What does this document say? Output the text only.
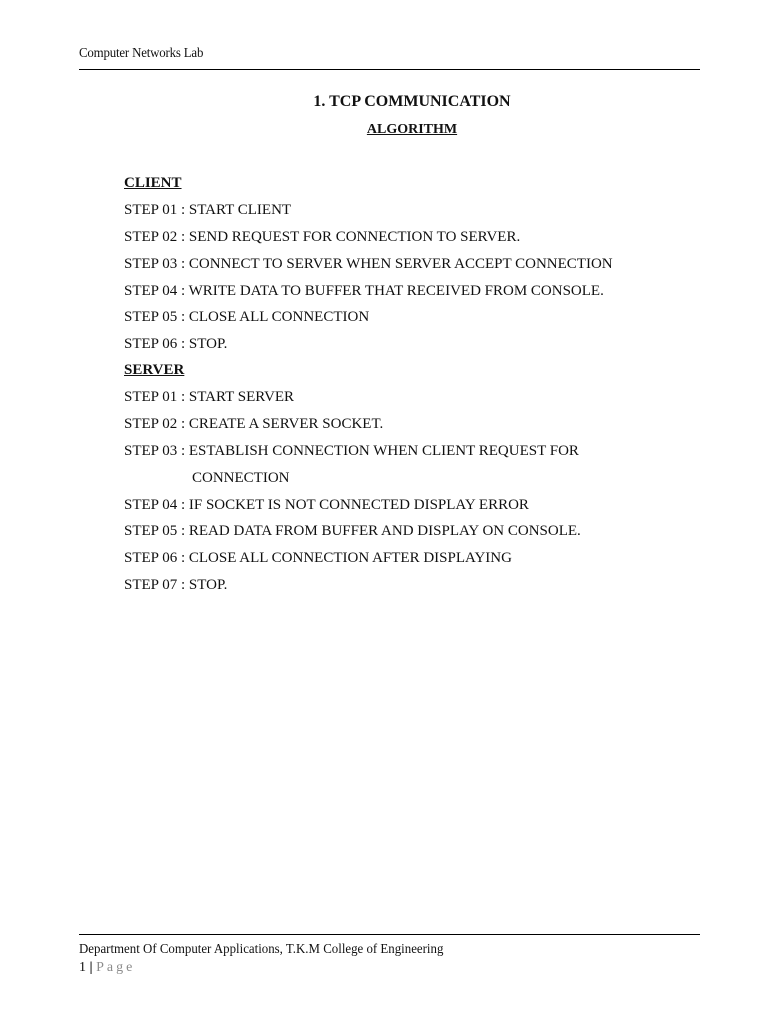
Computer Networks Lab
1. TCP COMMUNICATION
ALGORITHM
CLIENT
STEP 01 : START CLIENT
STEP 02 : SEND REQUEST FOR CONNECTION TO SERVER.
STEP 03 : CONNECT TO SERVER WHEN SERVER ACCEPT CONNECTION
STEP 04 : WRITE DATA TO BUFFER THAT RECEIVED FROM CONSOLE.
STEP 05 : CLOSE ALL CONNECTION
STEP 06 : STOP.
SERVER
STEP 01 : START SERVER
STEP 02 : CREATE A SERVER SOCKET.
STEP 03 : ESTABLISH CONNECTION WHEN CLIENT REQUEST FOR
CONNECTION
STEP 04 : IF SOCKET IS NOT CONNECTED DISPLAY ERROR
STEP 05 : READ DATA FROM BUFFER AND DISPLAY ON CONSOLE.
STEP 06 : CLOSE ALL CONNECTION AFTER DISPLAYING
STEP 07 : STOP.
Department Of Computer Applications, T.K.M College of Engineering
1 | Page
